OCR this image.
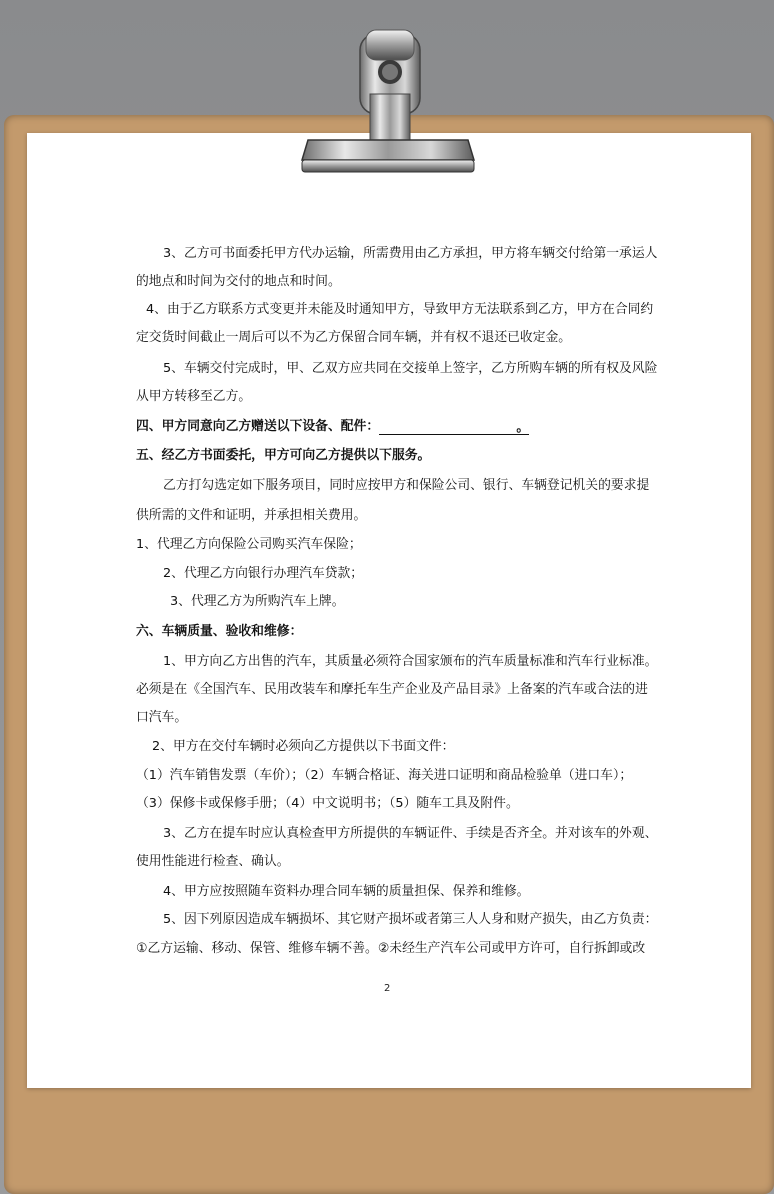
3、乙方可书面委托甲方代办运输，所需费用由乙方承担，甲方将车辆交付给第一承运人
的地点和时间为交付的地点和时间。
4、由于乙方联系方式变更并未能及时通知甲方，导致甲方无法联系到乙方，甲方在合同约
定交货时间截止一周后可以不为乙方保留合同车辆，并有权不退还已收定金。
5、车辆交付完成时，甲、乙双方应共同在交接单上签字，乙方所购车辆的所有权及风险
从甲方转移至乙方。
四、甲方同意向乙方赠送以下设备、配件：	。
五、经乙方书面委托，甲方可向乙方提供以下服务。
乙方打勾选定如下服务项目，同时应按甲方和保险公司、银行、车辆登记机关的要求提
供所需的文件和证明，并承担相关费用。
1、代理乙方向保险公司购买汽车保险；
2、代理乙方向银行办理汽车贷款；
3、代理乙方为所购汽车上牌。
六、车辆质量、验收和维修：
1、甲方向乙方出售的汽车，其质量必须符合国家颁布的汽车质量标准和汽车行业标准。
必须是在《全国汽车、民用改装车和摩托车生产企业及产品目录》上备案的汽车或合法的进
口汽车。
2、甲方在交付车辆时必须向乙方提供以下书面文件：
（1）汽车销售发票（车价）；（2）车辆合格证、海关进口证明和商品检验单（进口车）；
（3）保修卡或保修手册；（4）中文说明书；（5）随车工具及附件。
3、乙方在提车时应认真检查甲方所提供的车辆证件、手续是否齐全。并对该车的外观、
使用性能进行检查、确认。
4、甲方应按照随车资料办理合同车辆的质量担保、保养和维修。
5、因下列原因造成车辆损坏、其它财产损坏或者第三人人身和财产损失，由乙方负责：
①乙方运输、移动、保管、维修车辆不善。②未经生产汽车公司或甲方许可，自行拆卸或改
2
